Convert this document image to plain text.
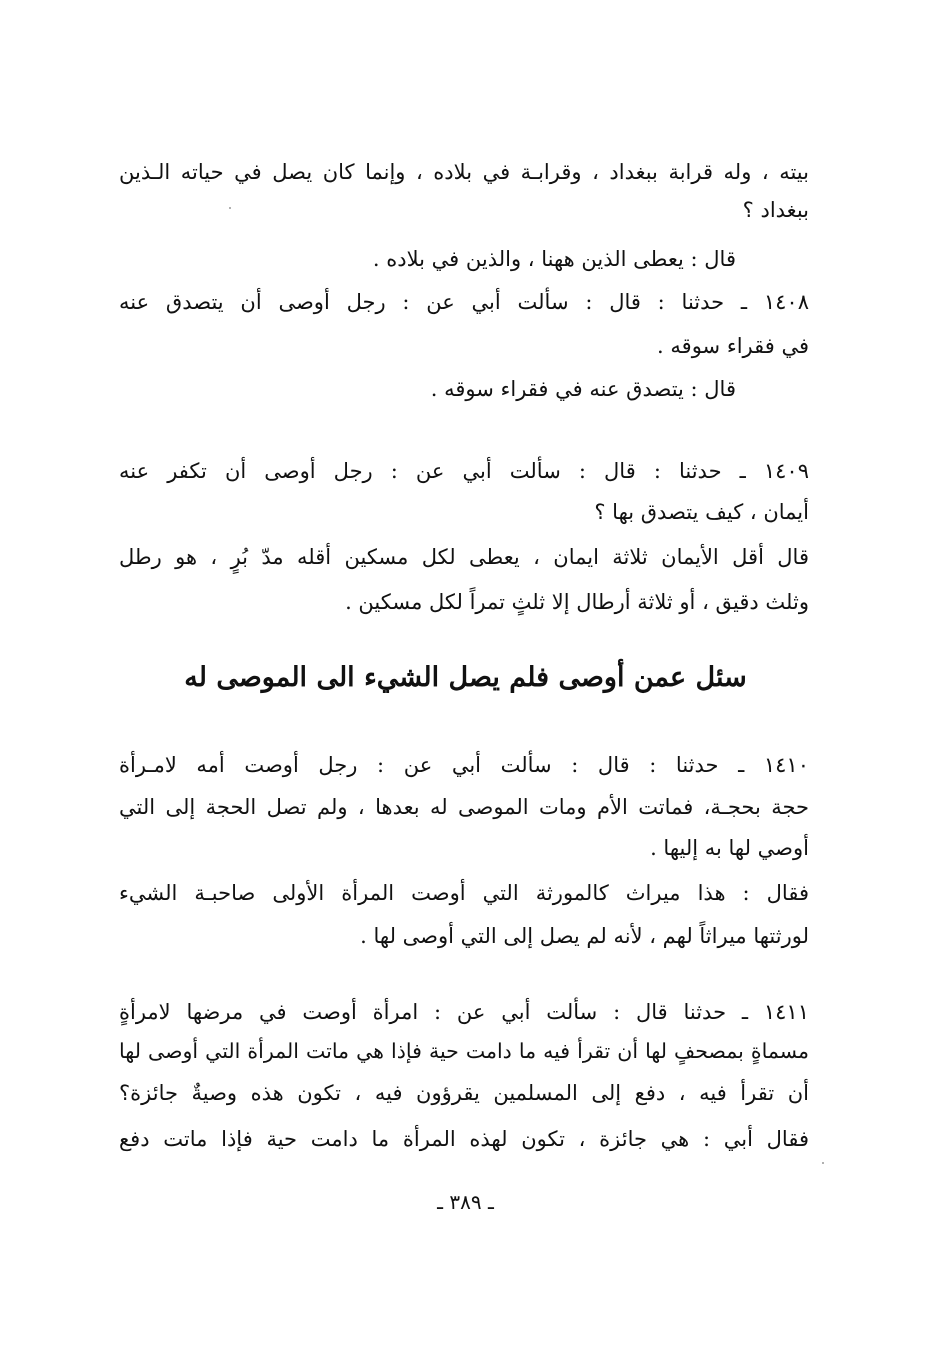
بيته ، وله قرابة ببغداد ، وقرابـة في بلاده ، وإنما كان يصل في حياته الـذين
ببغداد ؟
قال : يعطى الذين ههنا ، والذين في بلاده .
١٤٠٨ ـ حدثنا : قال : سألت أبي عن : رجل أوصى أن يتصدق عنه
في فقراء سوقه .
قال : يتصدق عنه في فقراء سوقه .
١٤٠٩ ـ حدثنا : قال : سألت أبي عن : رجل أوصى أن تكفر عنه
أيمان ، كيف يتصدق بها ؟
قال أقل الأيمان ثلاثة ايمان ، يعطى لكل مسكين أقله مدّ بُرٍ ، هو رطل
وثلث دقيق ، أو ثلاثة أرطال إلا ثلثٍ تمراً لكل مسكين .
سئل عمن أوصى فلم يصل الشيء الى الموصى له
١٤١٠ ـ حدثنا : قال : سألت أبي عن : رجل أوصت أمه لامـرأة
حجة بحجـة، فماتت الأم ومات الموصى له بعدها ، ولم تصل الحجة إلى التي
أوصي لها به إليها .
فقال : هذا ميراث كالمورثة التي أوصت المرأة الأولى صاحبـة الشيء
لورثتها ميراثاً لهم ، لأنه لم يصل إلى التي أوصى لها .
١٤١١ ـ حدثنا قال : سألت أبي عن : امرأة أوصت في مرضها لامرأةٍ
مسماةٍ بمصحفٍ لها أن تقرأ فيه ما دامت حية فإذا هي ماتت المرأة التي أوصى لها
أن تقرأ فيه ، دفع إلى المسلمين يقرؤون فيه ، تكون هذه وصيةٌ جائزة؟
فقال أبي : هي جائزة ، تكون لهذه المرأة ما دامت حية فإذا ماتت دفع
ـ ٣٨٩ ـ
